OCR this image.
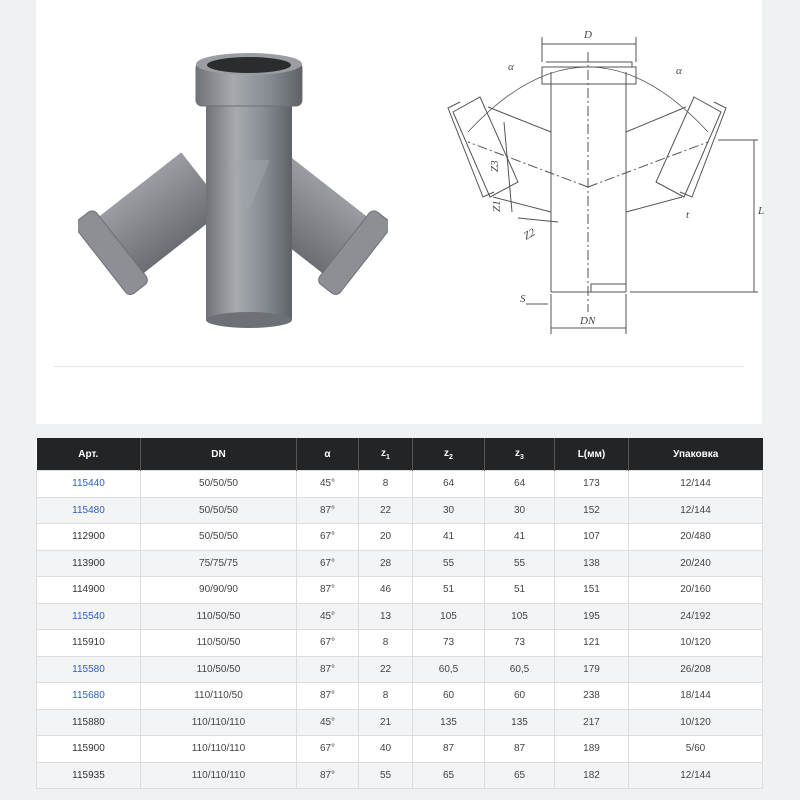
D
α	α
Z3
Z1
Z2
t	L
S
DN
Арт.	DN	α	$z_1$	$z_2$	$z_3$	L(мм)	Упаковка
115440	50/50/50	45°	8	64	64	173	12/144
115480	50/50/50	87°	22	30	30	152	12/144
112900	50/50/50	67°	20	41	41	107	20/480
113900	75/75/75	67°	28	55	55	138	20/240
114900	90/90/90	87°	46	51	51	151	20/160
115540	110/50/50	45°	13	105	105	195	24/192
115910	110/50/50	67°	8	73	73	121	10/120
115580	110/50/50	87°	22	60,5	60,5	179	26/208
115680	110/110/50	87°	8	60	60	238	18/144
115880	110/110/110	45°	21	135	135	217	10/120
115900	110/110/110	67°	40	87	87	189	5/60
115935	110/110/110	87°	55	65	65	182	12/144
